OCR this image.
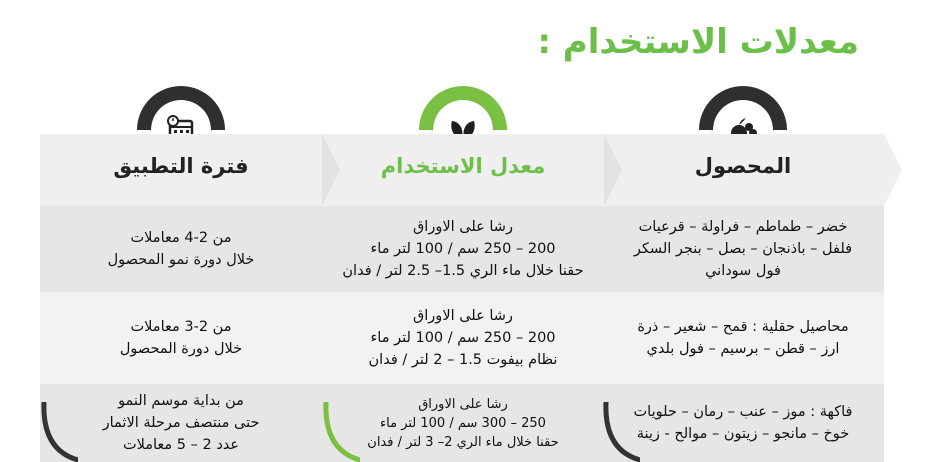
معدلات الاستخدام :
المحصول
خضر – طماطم – فراولة – قرعيات
فلفل – باذنجان – بصل – بنجر السكر
فول سوداني
محاصيل حقلية : قمح – شعير – ذرة
ارز – قطن – برسيم – فول بلدي
فاكهة : موز – عنب – رمان – حلويات
خوخ – مانجو – زيتون – موالح - زينة
معدل الاستخدام
رشا على الاوراق
200 – 250 سم / 100 لتر ماء
حقنا خلال ماء الري 1.5– 2.5 لتر / فدان
رشا على الاوراق
200 – 250 سم / 100 لتر ماء
نظام بيفوت 1.5 – 2 لتر / فدان
رشا على الاوراق
250 – 300 سم / 100 لتر ماء
حقنا خلال ماء الري 2– 3 لتر / فدان
فترة التطبيق
من 2-4 معاملات
خلال دورة نمو المحصول
من 2-3 معاملات
خلال دورة المحصول
من بداية موسم النمو
حتى منتصف مرحلة الاثمار
عدد 2 – 5 معاملات
